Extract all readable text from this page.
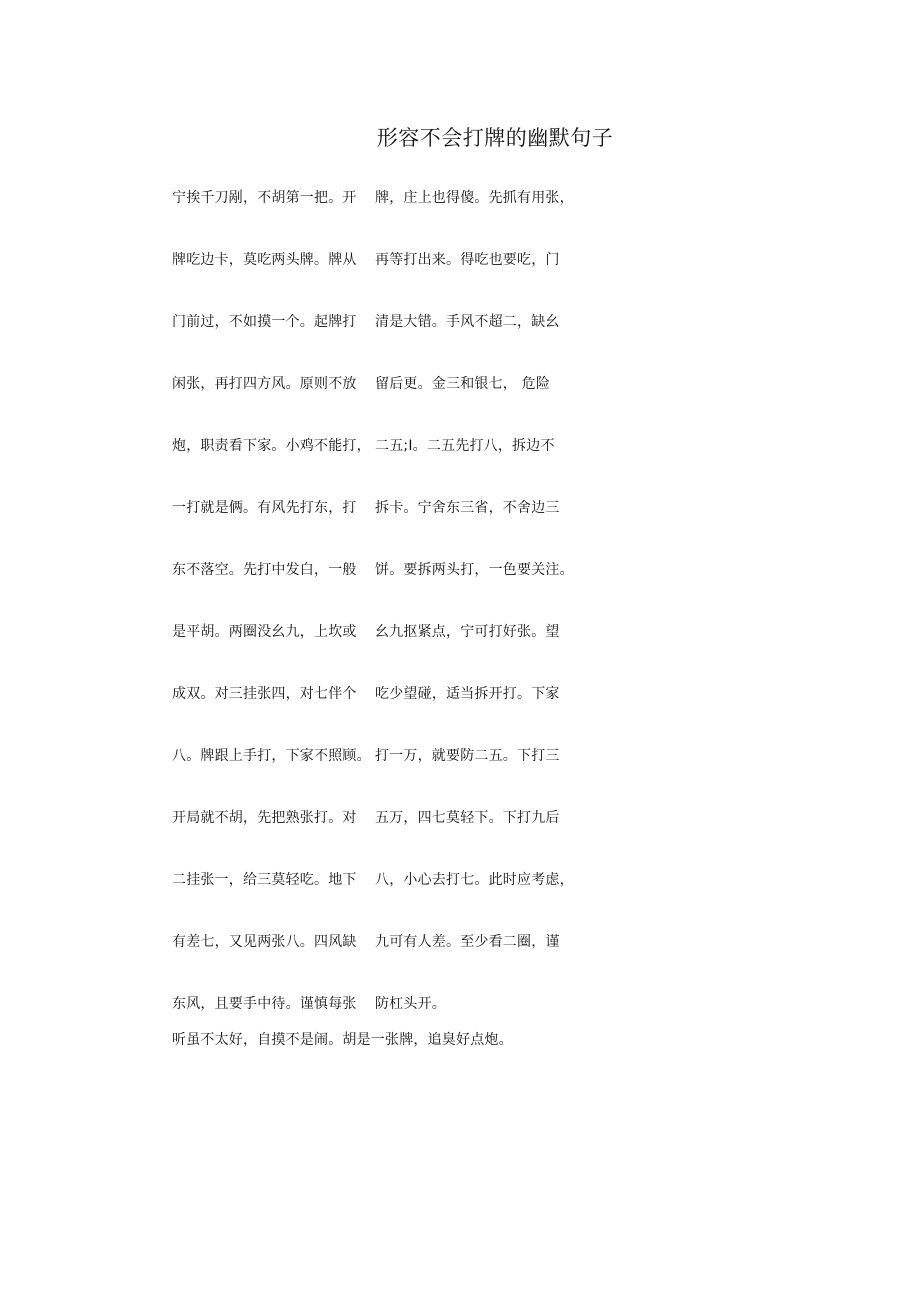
形容不会打牌的幽默句子
宁挨千刀剐，不胡第一把。开 牌，庄上也得傻。先抓有用张，
牌吃边卡，莫吃两头牌。牌从 再等打出来。得吃也要吃，门
门前过，不如摸一个。起牌打 清是大错。手风不超二，缺幺
闲张，再打四方风。原则不放 留后更。金三和银七， 危险
炮，职责看下家。小鸡不能打， 二五;Ⅰ。二五先打八，拆边不
一打就是俩。有风先打东，打 拆卡。宁舍东三省，不舍边三
东不落空。先打中发白，一般 饼。要拆两头打，一色要关注。
是平胡。两圈没幺九，上坎或 幺九抠紧点，宁可打好张。望
成双。对三挂张四，对七伴个 吃少望碰，适当拆开打。下家
八。牌跟上手打，下家不照顾。 打一万，就要防二五。下打三
开局就不胡，先把熟张打。对 五万，四七莫轻下。下打九后
二挂张一，给三莫轻吃。地下 八，小心去打七。此时应考虑，
有差七，又见两张八。四风缺 九可有人差。至少看二圈，谨
东风，且要手中待。谨慎每张 防杠头开。
听虽不太好，自摸不是闹。胡是一张牌，追臭好点炮。
